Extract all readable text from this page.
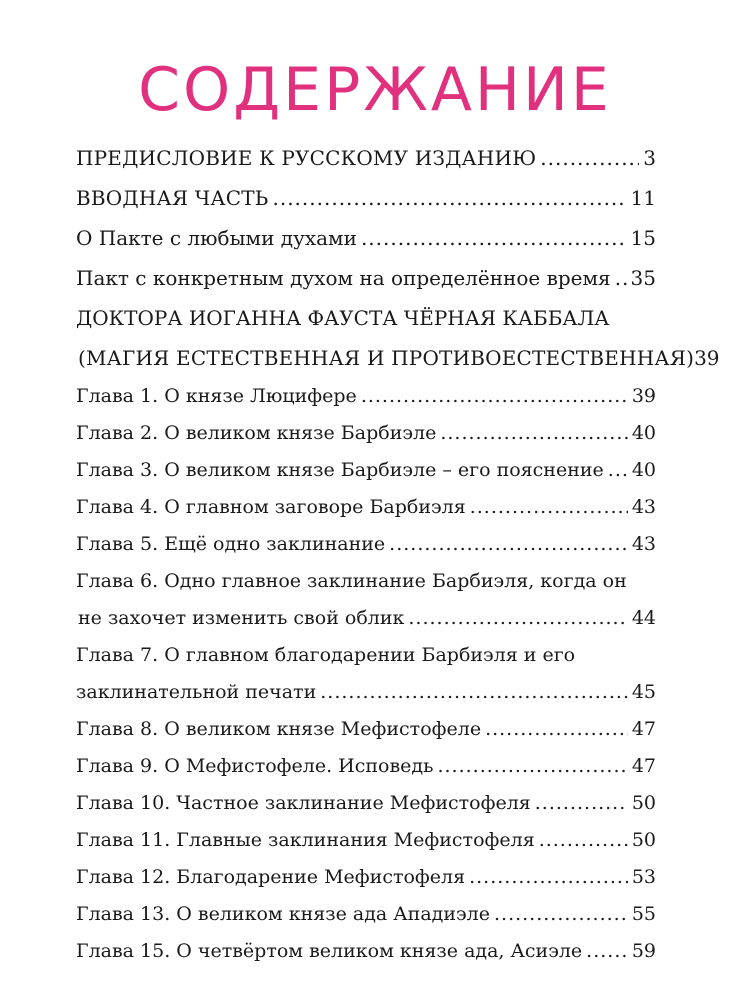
СОДЕРЖАНИЕ
ПРЕДИСЛОВИЕ К РУССКОМУ ИЗДАНИЮ .....	3
ВВОДНАЯ ЧАСТЬ .....	11
О Пакте с любыми духами .....	15
Пакт с конкретным духом на определённое время ..... 35
ДОКТОРА ИОГАННА ФАУСТА ЧЁРНАЯ КАББАЛА
(МАГИЯ ЕСТЕСТВЕННАЯ И ПРОТИВОЕСТЕСТВЕННАЯ) 39
Глава 1. О князе Люцифере .....	39
Глава 2. О великом князе Барбиэле .....	40
Глава 3. О великом князе Барбиэле – его пояснение ..... 40
Глава 4. О главном заговоре Барбиэля .....	43
Глава 5. Ещё одно заклинание .....	43
Глава 6. Одно главное заклинание Барбиэля, когда он
не захочет изменить свой облик .....	44
Глава 7. О главном благодарении Барбиэля и его
заклинательной печати .....	45
Глава 8. О великом князе Мефистофеле .....	47
Глава 9. О Мефистофеле. Исповедь .....	47
Глава 10. Частное заклинание Мефистофеля .....	50
Глава 11. Главные заклинания Мефистофеля .....	50
Глава 12. Благодарение Мефистофеля .....	53
Глава 13. О великом князе ада Ападиэле .....	55
Глава 15. О четвёртом великом князе ада, Асиэле .....	59
